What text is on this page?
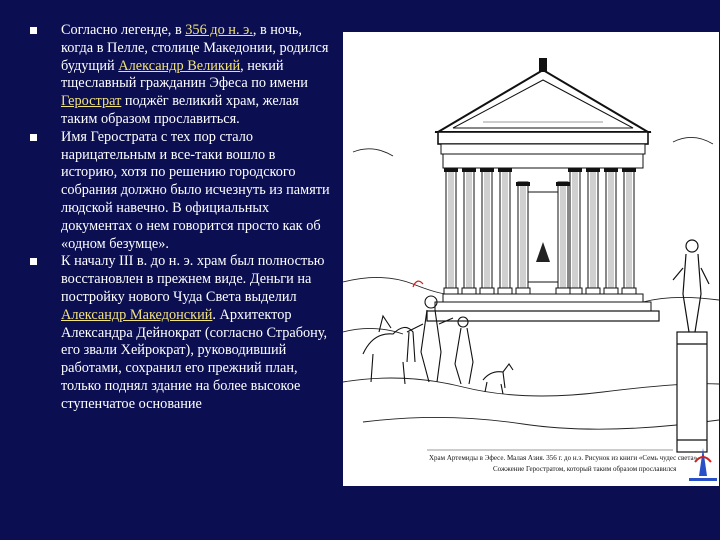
Согласно легенде, в 356 до н. э., в ночь, когда в Пелле, столице Македонии, родился будущий Александр Великий, некий тщеславный гражданин Эфеса по имени Герострат поджёг великий храм, желая таким образом прославиться.
Имя Герострата с тех пор стало нарицательным и все-таки вошло в историю, хотя по решению городского собрания должно было исчезнуть из памяти людской навечно. В официальных документах о нем говорится просто как об «одном безумце».
К началу III в. до н. э. храм был полностью восстановлен в прежнем виде. Деньги на постройку нового Чуда Света выделил Александр Македонский. Архитектор Александра Дейнократ (согласно Страбону, его звали Хейрократ), руководивший работами, сохранил его прежний план, только поднял здание на более высокое ступенчатое основание
Храм Артемиды в Эфесе. Малая Азия. 356 г. до н.э. Рисунок из книги «Семь чудес света».
Сожжение Геростратом, который таким образом прославился
